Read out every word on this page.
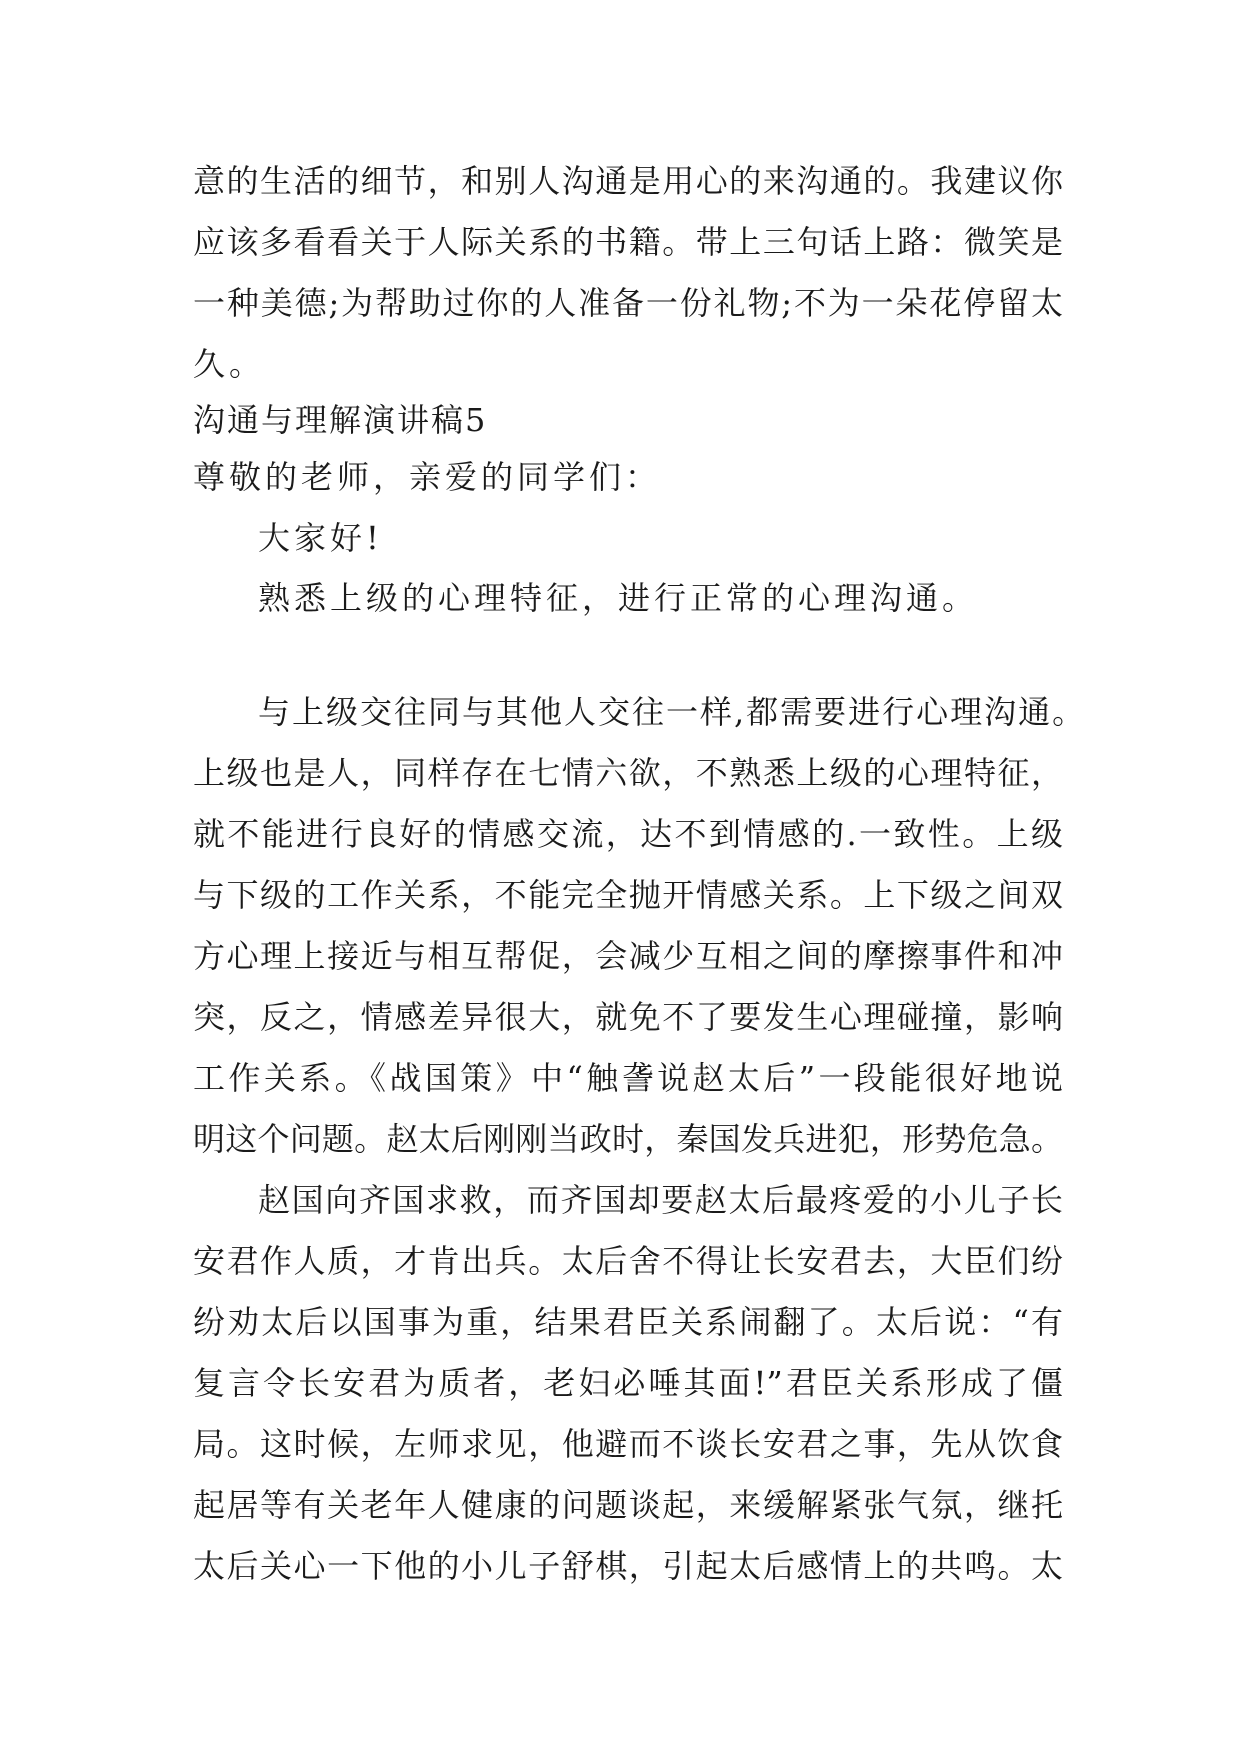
意的生活的细节，和别人沟通是用心的来沟通的。我建议你
应该多看看关于人际关系的书籍。带上三句话上路：微笑是
一种美德;为帮助过你的人准备一份礼物;不为一朵花停留太
久。
沟通与理解演讲稿5
尊敬的老师，亲爱的同学们：
大家好!
熟悉上级的心理特征，进行正常的心理沟通。
与上级交往同与其他人交往一样,都需要进行心理沟通。
上级也是人，同样存在七情六欲，不熟悉上级的心理特征，
就不能进行良好的情感交流，达不到情感的.一致性。上级
与下级的工作关系，不能完全抛开情感关系。上下级之间双
方心理上接近与相互帮促，会减少互相之间的摩擦事件和冲
突，反之，情感差异很大，就免不了要发生心理碰撞，影响
工作关系。《战国策》中“触詟说赵太后”一段能很好地说
明这个问题。赵太后刚刚当政时，秦国发兵进犯，形势危急。
赵国向齐国求救，而齐国却要赵太后最疼爱的小儿子长
安君作人质，才肯出兵。太后舍不得让长安君去，大臣们纷
纷劝太后以国事为重，结果君臣关系闹翻了。太后说：“有
复言令长安君为质者，老妇必唾其面!”君臣关系形成了僵
局。这时候，左师求见，他避而不谈长安君之事，先从饮食
起居等有关老年人健康的问题谈起，来缓解紧张气氛，继托
太后关心一下他的小儿子舒棋，引起太后感情上的共鸣。太
